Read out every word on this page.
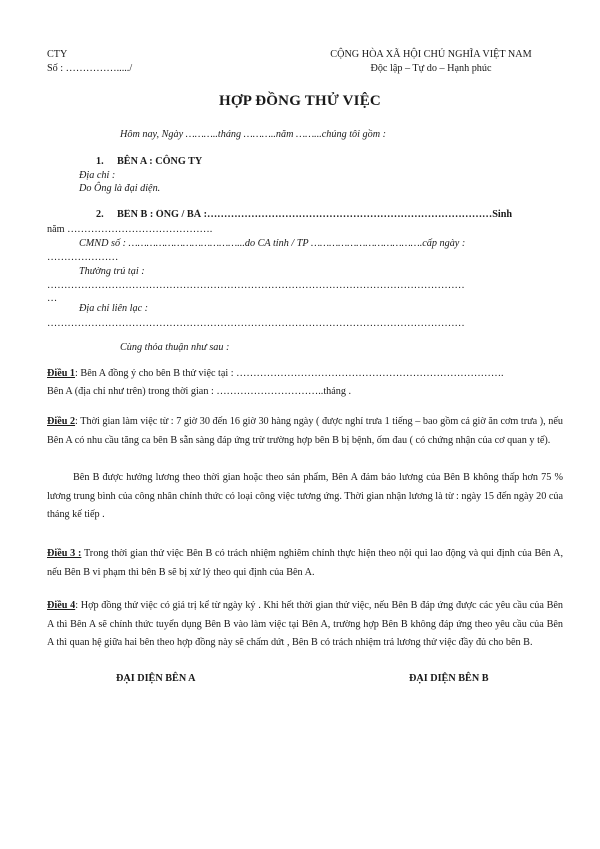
CTY
Số : ……………...../
CỘNG HÒA XÃ HỘI CHỦ NGHĨA VIỆT NAM
Độc lập – Tự do – Hạnh phúc
HỢP ĐỒNG THỬ VIỆC
Hôm nay, Ngày ………..tháng ………..năm ……...chúng tôi gồm :
1. BÊN A : CÔNG TY
Địa chỉ :
Do Ông là đại diện.
2. BÊN B : ÔNG / BÀ :…………………………………………………………………………Sinh
năm …………………………………….
CMND số : ………………………………...do CA tỉnh / TP ……………………………….cấp ngày :
…………………
Thường trú tại :
……………………………………………………………………………………………………………
…
Địa chỉ liên lạc :
……………………………………………………………………………………………………………
Cùng thỏa thuận như sau :
Điều 1: Bên A đồng ý cho bên B thử việc tại : …………………………………………………………………….
Bên A (địa chỉ như trên) trong thời gian : …………………………..tháng .
Điều 2: Thời gian làm việc từ : 7 giờ 30 đến 16 giờ 30 hàng ngày ( được nghỉ trưa 1 tiếng – bao gồm cả giờ ăn cơm trưa ), nếu Bên A có nhu cầu tăng ca bên B sẵn sàng đáp ứng trừ trường hợp bên B bị bệnh, ốm đau ( có chứng nhận của cơ quan y tế).
Bên B được hưởng lương theo thời gian hoặc theo sản phẩm, Bên A đảm bảo lương của Bên B không thấp hơn 75 % lương trung bình của công nhân chính thức có loại công việc tương ứng. Thời gian nhận lương là từ : ngày 15 đến ngày 20 của tháng kế tiếp .
Điều 3 : Trong thời gian thử việc Bên B có trách nhiệm nghiêm chỉnh thực hiện theo nội qui lao động và qui định của Bên A, nếu Bên B vi phạm thì bên B sẽ bị xử lý theo qui định của Bên A.
Điều 4: Hợp đồng thử việc có giá trị kể từ ngày ký . Khi hết thời gian thử việc, nếu Bên B đáp ứng được các yêu cầu của Bên A thì Bên A sẽ chính thức tuyển dụng Bên B vào làm việc tại Bên A, trường hợp Bên B không đáp ứng theo yêu cầu của Bên A thì quan hệ giữa hai bên theo hợp đồng này sẽ chấm dứt , Bên B có trách nhiệm trả lương thử việc đầy đủ cho bên B.
ĐẠI DIỆN BÊN A	ĐẠI DIỆN BÊN B
